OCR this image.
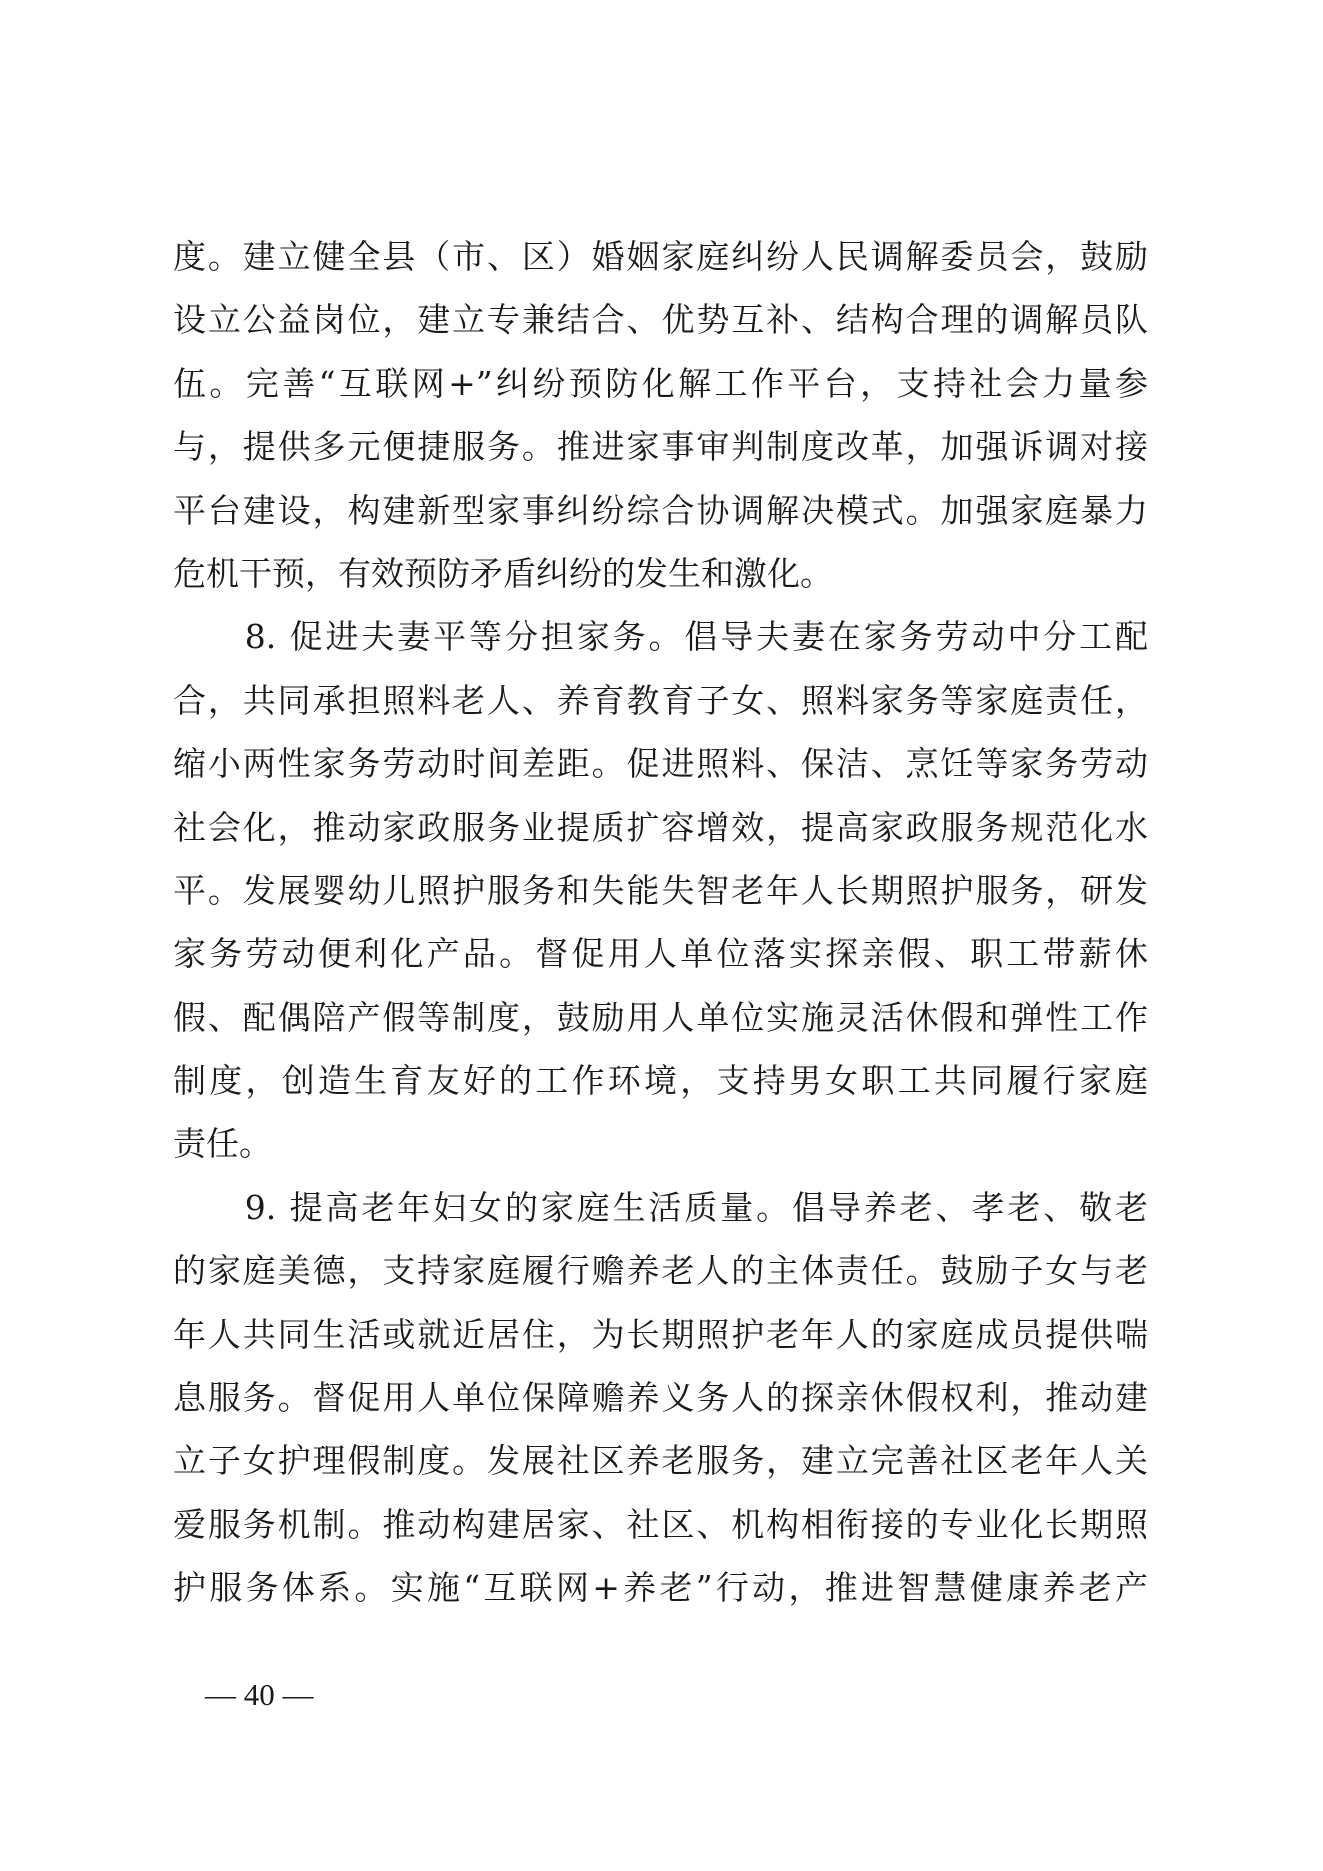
度。建立健全县（市、区）婚姻家庭纠纷人民调解委员会，鼓励
设立公益岗位，建立专兼结合、优势互补、结构合理的调解员队
伍。完善“互联网+”纠纷预防化解工作平台，支持社会力量参
与，提供多元便捷服务。推进家事审判制度改革，加强诉调对接
平台建设，构建新型家事纠纷综合协调解决模式。加强家庭暴力
危机干预，有效预防矛盾纠纷的发生和激化。
　　8. 促进夫妻平等分担家务。倡导夫妻在家务劳动中分工配
合，共同承担照料老人、养育教育子女、照料家务等家庭责任，
缩小两性家务劳动时间差距。促进照料、保洁、烹饪等家务劳动
社会化，推动家政服务业提质扩容增效，提高家政服务规范化水
平。发展婴幼儿照护服务和失能失智老年人长期照护服务，研发
家务劳动便利化产品。督促用人单位落实探亲假、职工带薪休
假、配偶陪产假等制度，鼓励用人单位实施灵活休假和弹性工作
制度，创造生育友好的工作环境，支持男女职工共同履行家庭
责任。
　　9. 提高老年妇女的家庭生活质量。倡导养老、孝老、敬老
的家庭美德，支持家庭履行赡养老人的主体责任。鼓励子女与老
年人共同生活或就近居住，为长期照护老年人的家庭成员提供喘
息服务。督促用人单位保障赡养义务人的探亲休假权利，推动建
立子女护理假制度。发展社区养老服务，建立完善社区老年人关
爱服务机制。推动构建居家、社区、机构相衔接的专业化长期照
护服务体系。实施“互联网+养老”行动，推进智慧健康养老产
— 40 —
